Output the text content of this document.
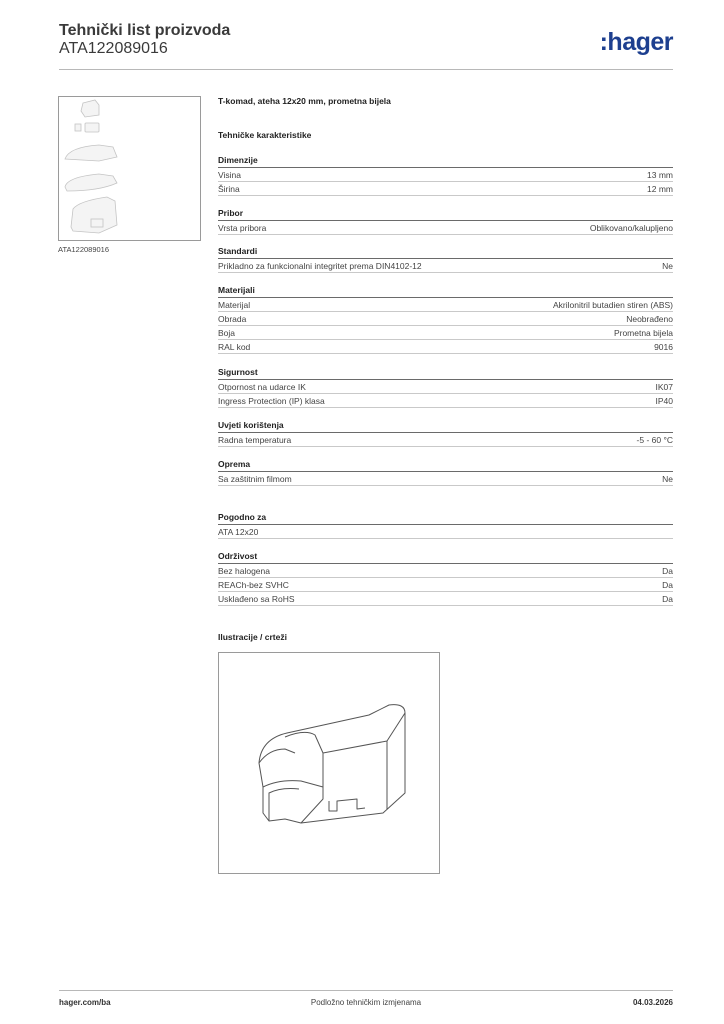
Tehnički list proizvoda
ATA122089016	:hager
ATA122089016
T-komad, ateha 12x20 mm, prometna bijela
Tehničke karakteristike
Dimenzije
Visina	13 mm
Širina	12 mm
Pribor
Vrsta pribora	Oblikovano/kalupljeno
Standardi
Prikladno za funkcionalni integritet prema DIN4102-12	Ne
Materijali
Materijal	Akrilonitril butadien stiren (ABS)
Obrada	Neobrađeno
Boja	Prometna bijela
RAL kod	9016
Sigurnost
Otpornost na udarce IK	IK07
Ingress Protection (IP) klasa	IP40
Uvjeti korištenja
Radna temperatura	-5 - 60 °C
Oprema
Sa zaštitnim filmom	Ne
Pogodno za
ATA 12x20
Održivost
Bez halogena	Da
REACh-bez SVHC	Da
Usklađeno sa RoHS	Da
Ilustracije / crteži
Podložno tehničkim izmjenama
hager.com/ba	04.03.2026
